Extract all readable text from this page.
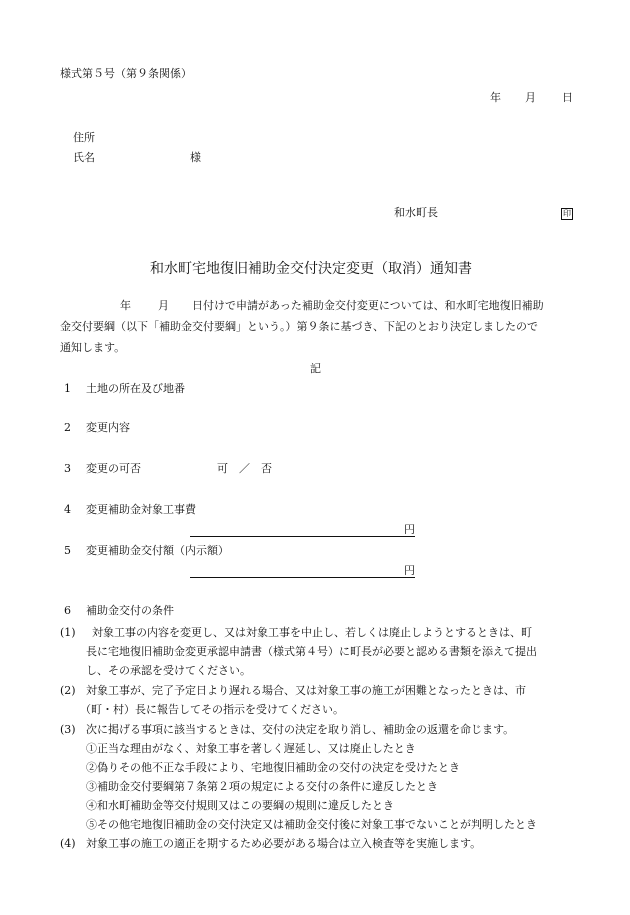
様式第５号（第９条関係）
年 月 日
住所
氏名	様
和水町長	印
和水町宅地復旧補助金交付決定変更（取消）通知書
年 月 日付けで申請があった補助金交付変更については、和水町宅地復旧補助
金交付要綱（以下「補助金交付要綱」という。）第９条に基づき、下記のとおり決定しましたので
通知します。
記
1 土地の所在及び地番
2 変更内容
3 変更の可否	可　／　否
4 変更補助金対象工事費
円
5 変更補助金交付額（内示額）
円
6 補助金交付の条件
(1) 対象工事の内容を変更し、又は対象工事を中止し、若しくは廃止しようとするときは、町
長に宅地復旧補助金変更承認申請書（様式第４号）に町長が必要と認める書類を添えて提出
し、その承認を受けてください。
(2) 対象工事が、完了予定日より遅れる場合、又は対象工事の施工が困難となったときは、市
（町・村）長に報告してその指示を受けてください。
(3) 次に掲げる事項に該当するときは、交付の決定を取り消し、補助金の返還を命じます。
①正当な理由がなく、対象工事を著しく遅延し、又は廃止したとき
②偽りその他不正な手段により、宅地復旧補助金の交付の決定を受けたとき
③補助金交付要綱第７条第２項の規定による交付の条件に違反したとき
④和水町補助金等交付規則又はこの要綱の規則に違反したとき
⑤その他宅地復旧補助金の交付決定又は補助金交付後に対象工事でないことが判明したとき
(4) 対象工事の施工の適正を期するため必要がある場合は立入検査等を実施します。
